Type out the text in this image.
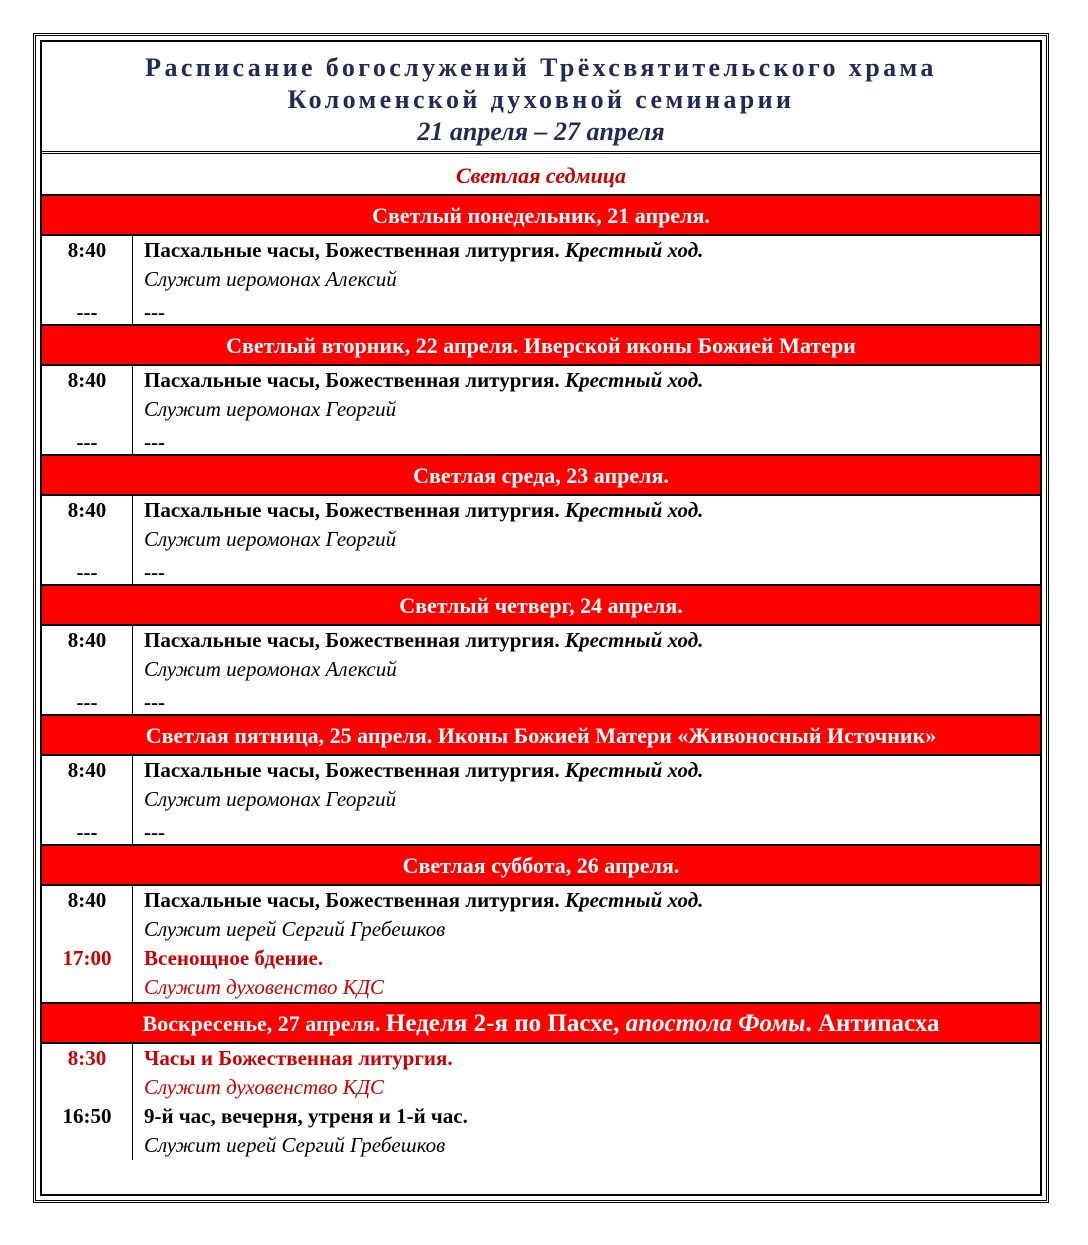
Расписание богослужений Трёхсвятительского храма
Коломенской духовной семинарии
21 апреля – 27 апреля
Светлая седмица
Светлый понедельник, 21 апреля.
8:40
---
Пасхальные часы, Божественная литургия. Крестный ход.
Служит иеромонах Алексий
---
Светлый вторник, 22 апреля. Иверской иконы Божией Матери
8:40
---
Пасхальные часы, Божественная литургия. Крестный ход.
Служит иеромонах Георгий
---
Светлая среда, 23 апреля.
8:40
---
Пасхальные часы, Божественная литургия. Крестный ход.
Служит иеромонах Георгий
---
Светлый четверг, 24 апреля.
8:40
---
Пасхальные часы, Божественная литургия. Крестный ход.
Служит иеромонах Алексий
---
Светлая пятница, 25 апреля. Иконы Божией Матери «Живоносный Источник»
8:40
---
Пасхальные часы, Божественная литургия. Крестный ход.
Служит иеромонах Георгий
---
Светлая суббота, 26 апреля.
8:40
17:00
Пасхальные часы, Божественная литургия. Крестный ход.
Служит иерей Сергий Гребешков
Всенощное бдение.
Служит духовенство КДС
Воскресенье, 27 апреля. Неделя 2-я по Пасхе, апостола Фомы. Антипасха
8:30
16:50
Часы и Божественная литургия.
Служит духовенство КДС
9-й час, вечерня, утреня и 1-й час.
Служит иерей Сергий Гребешков
